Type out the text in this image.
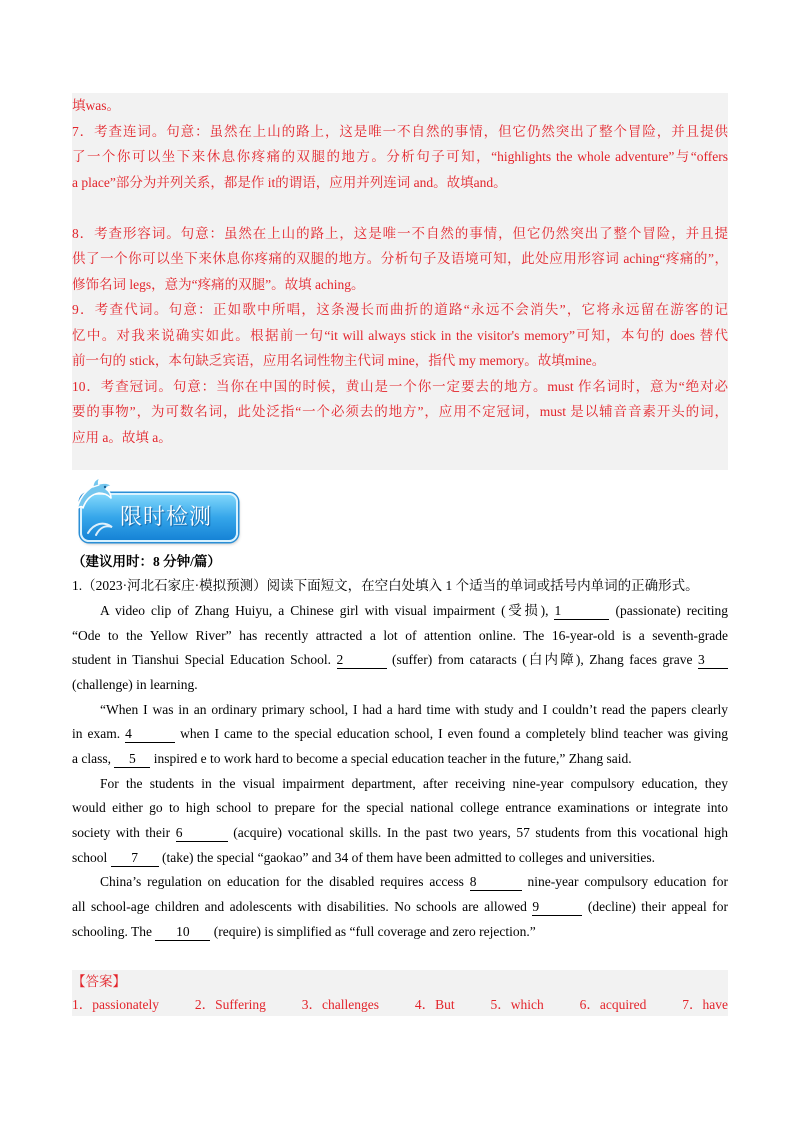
填was。
7．考查连词。句意：虽然在上山的路上，这是唯一不自然的事情，但它仍然突出了整个冒险，并且提供
了一个你可以坐下来休息你疼痛的双腿的地方。分析句子可知，“highlights the whole adventure”与“offers
a place”部分为并列关系，都是作 it的谓语，应用并列连词 and。故填and。
8．考查形容词。句意：虽然在上山的路上，这是唯一不自然的事情，但它仍然突出了整个冒险，并且提
供了一个你可以坐下来休息你疼痛的双腿的地方。分析句子及语境可知，此处应用形容词 aching“疼痛的”，
修饰名词 legs，意为“疼痛的双腿”。故填 aching。
9．考查代词。句意：正如歌中所唱，这条漫长而曲折的道路“永远不会消失”，它将永远留在游客的记
忆中。对我来说确实如此。根据前一句“it will always stick in the visitor's memory”可知，本句的 does 替代
前一句的 stick，本句缺乏宾语，应用名词性物主代词 mine，指代 my memory。故填mine。
10．考查冠词。句意：当你在中国的时候，黄山是一个你一定要去的地方。must 作名词时，意为“绝对必
要的事物”，为可数名词，此处泛指“一个必须去的地方”，应用不定冠词，must 是以辅音音素开头的词，
应用 a。故填 a。
限时检测
（建议用时：8 分钟/篇）
1.（2023·河北石家庄·模拟预测）阅读下面短文，在空白处填入 1 个适当的单词或括号内单词的正确形式。
A video clip of Zhang Huiyu, a Chinese girl with visual impairment (受损), 1	(passionate) reciting
“Ode to the Yellow River” has recently attracted a lot of attention online. The 16-year-old is a seventh-grade
student in Tianshui Special Education School. 2	(suffer) from cataracts (白内障), Zhang faces grave 3
(challenge) in learning.
“When I was in an ordinary primary school, I had a hard time with study and I couldn’t read the papers clearly
in exam. 4	when I came to the special education school, I even found a completely blind teacher was giving
a class, 5 inspired e to work hard to become a special education teacher in the future,” Zhang said.
For the students in the visual impairment department, after receiving nine-year compulsory education, they
would either go to high school to prepare for the special national college entrance examinations or integrate into
society with their 6	(acquire) vocational skills. In the past two years, 57 students from this vocational high
school 7 (take) the special “gaokao” and 34 of them have been admitted to colleges and universities.
China’s regulation on education for the disabled requires access 8	nine-year compulsory education for
all school-age children and adolescents with disabilities. No schools are allowed 9	(decline) their appeal for
schooling. The 10 (require) is simplified as “full coverage and zero rejection.”
【答案】
1．passionately	2．Suffering	3．challenges	4．But	5．which	6．acquired	7．have
